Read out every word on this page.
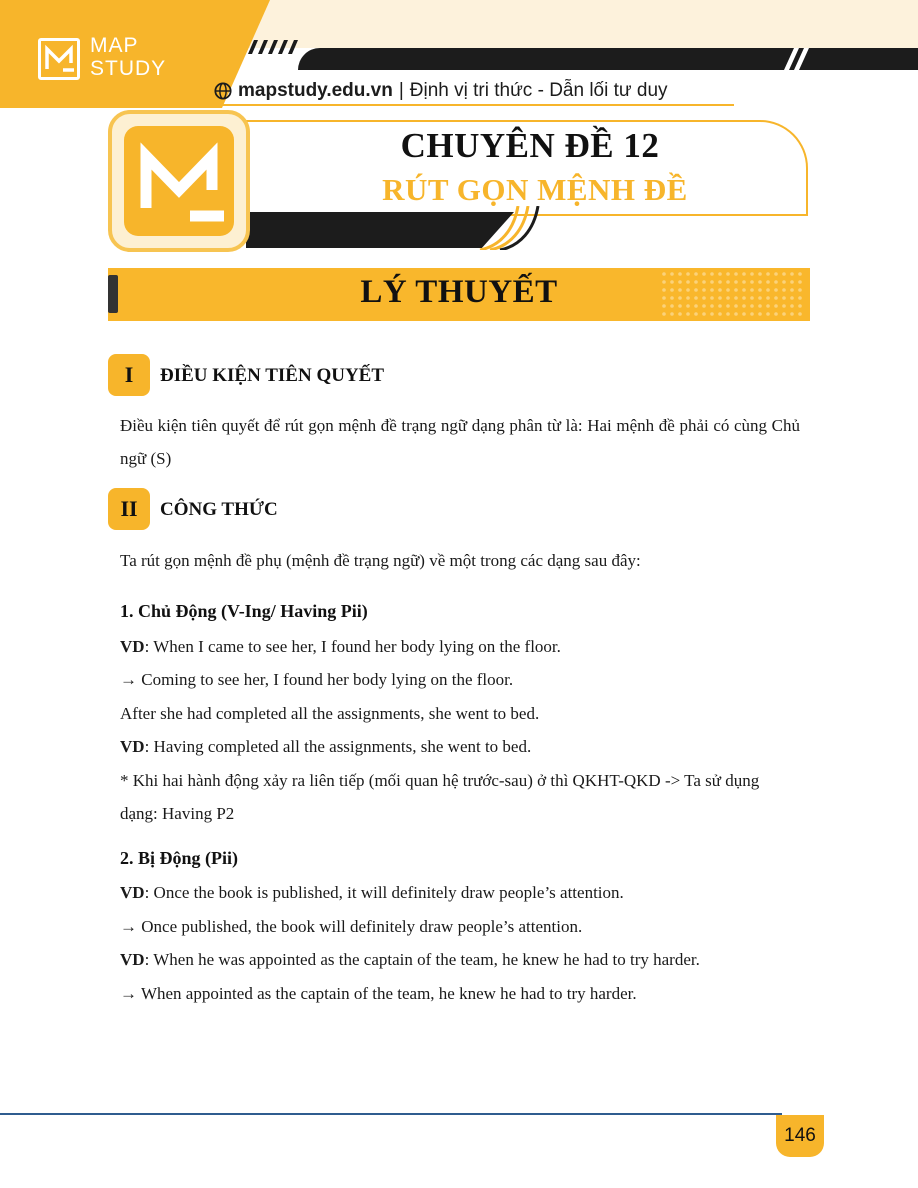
MAP
STUDY
mapstudy.edu.vn | Định vị tri thức - Dẫn lối tư duy
CHUYÊN ĐỀ 12
RÚT GỌN MỆNH ĐỀ
LÝ THUYẾT
I	ĐIỀU KIỆN TIÊN QUYẾT
Điều kiện tiên quyết để rút gọn mệnh đề trạng ngữ dạng phân từ là: Hai mệnh đề phải có cùng Chủ ngữ (S)
II	CÔNG THỨC
Ta rút gọn mệnh đề phụ (mệnh đề trạng ngữ) về một trong các dạng sau đây:
1. Chủ Động (V-Ing/ Having Pii)
VD: When I came to see her, I found her body lying on the floor.
→ Coming to see her, I found her body lying on the floor.
After she had completed all the assignments, she went to bed.
VD: Having completed all the assignments, she went to bed.
* Khi hai hành động xảy ra liên tiếp (mối quan hệ trước-sau) ở thì QKHT-QKD -> Ta sử dụng
dạng: Having P2
2. Bị Động (Pii)
VD: Once the book is published, it will definitely draw people’s attention.
→ Once published, the book will definitely draw people’s attention.
VD: When he was appointed as the captain of the team, he knew he had to try harder.
→ When appointed as the captain of the team, he knew he had to try harder.
146
